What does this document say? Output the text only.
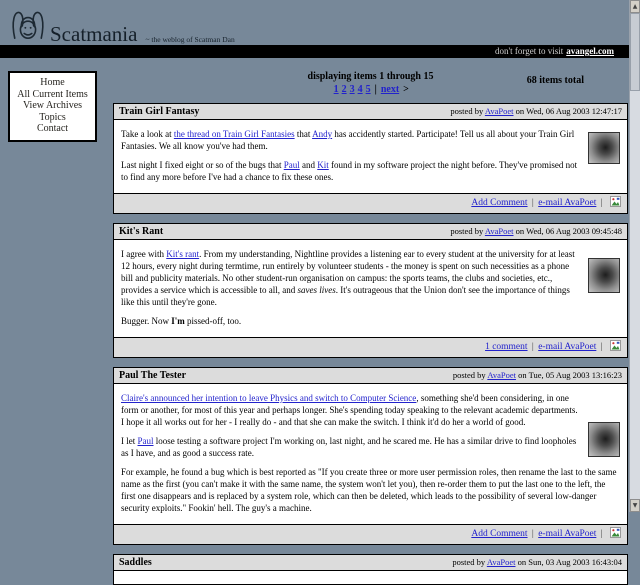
Scatmania ~ the weblog of Scatman Dan
don't forget to visit avangel.com
Home
All Current Items
View Archives
Topics
Contact
displaying items 1 through 15
1 2 3 4 5 | next >
68 items total
Train Girl Fantasy	posted by AvaPoet on Wed, 06 Aug 2003 12:47:17

Take a look at the thread on Train Girl Fantasies that Andy has accidently started. Participate! Tell us all about your Train Girl Fantasies. We all know you've had them.

Last night I fixed eight or so of the bugs that Paul and Kit found in my software project the night before. They've promised not to find any more before I've had a chance to fix these ones.

Add Comment | e-mail AvaPoet |
Kit's Rant	posted by AvaPoet on Wed, 06 Aug 2003 09:45:48

I agree with Kit's rant. From my understanding, Nightline provides a listening ear to every student at the university for at least 12 hours, every night during termtime, run entirely by volunteer students - the money is spent on such necessities as a phone bill and publicity materials. No other student-run organisation on campus: the sports teams, the clubs and societies, etc., provides a service which is accessible to all, and saves lives. It's outrageous that the Union don't see the importance of things like this until they're gone.

Bugger. Now I'm pissed-off, too.

1 comment | e-mail AvaPoet |
Paul The Tester	posted by AvaPoet on Tue, 05 Aug 2003 13:16:23

Claire's announced her intention to leave Physics and switch to Computer Science, something she'd been considering, in one form or another, for most of this year and perhaps longer. She's spending today speaking to the relevant academic departments. I hope it all works out for her - I really do - and that she can make the switch. I think it'd do her a world of good.

I let Paul loose testing a software project I'm working on, last night, and he scared me. He has a similar drive to find loopholes as I have, and as good a success rate.

For example, he found a bug which is best reported as "If you create three or more user permission roles, then rename the last to the same name as the first (you can't make it with the same name, the system won't let you), then re-order them to put the last one to the left, the first one disappears and is replaced by a system role, which can then be deleted, which leads to the possibility of several low-danger security exploits." Fookin' hell. The guy's a machine.

Add Comment | e-mail AvaPoet |
Saddles	posted by AvaPoet on Sun, 03 Aug 2003 16:43:04
▲
▼
